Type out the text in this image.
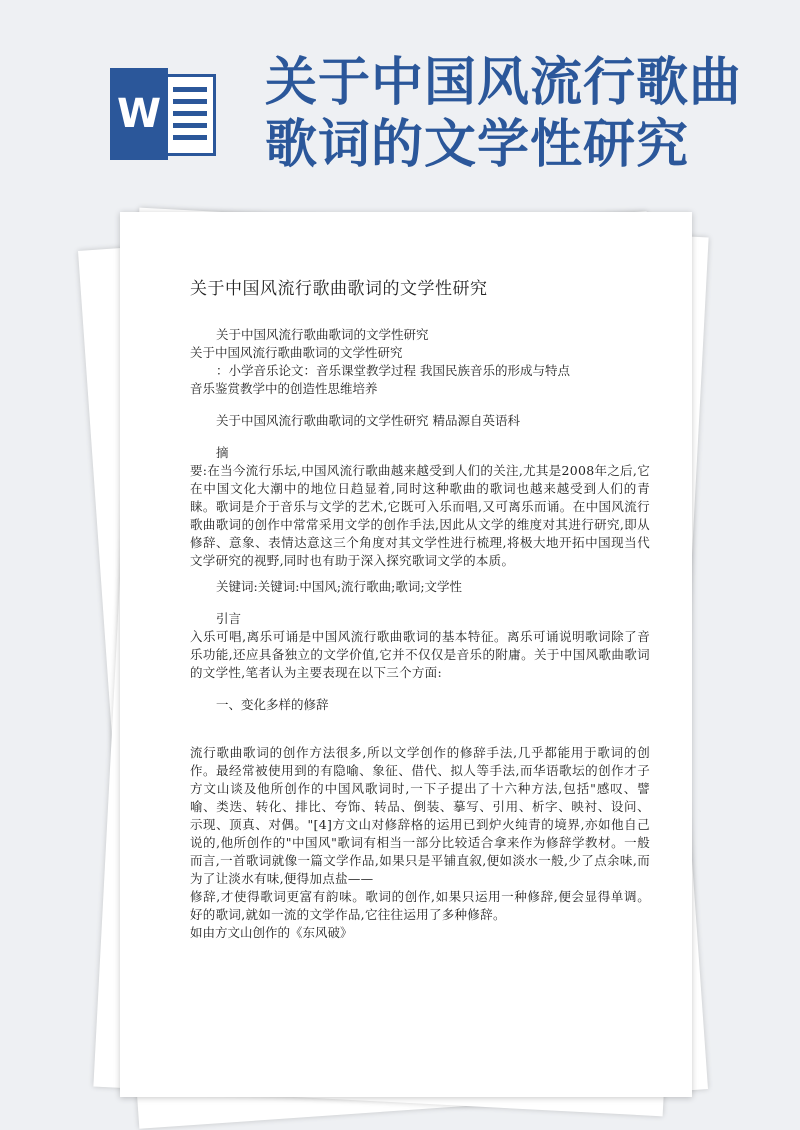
W
关于中国风流行歌曲歌词的文学性研究
关于中国风流行歌曲歌词的文学性研究

关于中国风流行歌曲歌词的文学性研究

关于中国风流行歌曲歌词的文学性研究

：小学音乐论文：音乐课堂教学过程 我国民族音乐的形成与特点

音乐鉴赏教学中的创造性思维培养

关于中国风流行歌曲歌词的文学性研究 精品源自英语科

摘

要:在当今流行乐坛,中国风流行歌曲越来越受到人们的关注,尤其是2008年之后,它在中国文化大潮中的地位日趋显着,同时这种歌曲的歌词也越来越受到人们的青睐。歌词是介于音乐与文学的艺术,它既可入乐而唱,又可离乐而诵。在中国风流行歌曲歌词的创作中常常采用文学的创作手法,因此从文学的维度对其进行研究,即从修辞、意象、表情达意这三个角度对其文学性进行梳理,将极大地开拓中国现当代文学研究的视野,同时也有助于深入探究歌词文学的本质。

关键词:关键词:中国风;流行歌曲;歌词;文学性

引言

入乐可唱,离乐可诵是中国风流行歌曲歌词的基本特征。离乐可诵说明歌词除了音乐功能,还应具备独立的文学价值,它并不仅仅是音乐的附庸。关于中国风歌曲歌词的文学性,笔者认为主要表现在以下三个方面:

一、变化多样的修辞

流行歌曲歌词的创作方法很多,所以文学创作的修辞手法,几乎都能用于歌词的创作。最经常被使用到的有隐喻、象征、借代、拟人等手法,而华语歌坛的创作才子方文山谈及他所创作的中国风歌词时,一下子提出了十六种方法,包括"感叹、譬喻、类迭、转化、排比、夸饰、转品、倒装、摹写、引用、析字、映衬、设问、示现、顶真、对偶。"[4]方文山对修辞格的运用已到炉火纯青的境界,亦如他自己说的,他所创作的"中国风"歌词有相当一部分比较适合拿来作为修辞学教材。一般而言,一首歌词就像一篇文学作品,如果只是平铺直叙,便如淡水一般,少了点余味,而为了让淡水有味,便得加点盐——

修辞,才使得歌词更富有韵味。歌词的创作,如果只运用一种修辞,便会显得单调。好的歌词,就如一流的文学作品,它往往运用了多种修辞。

如由方文山创作的《东风破》
